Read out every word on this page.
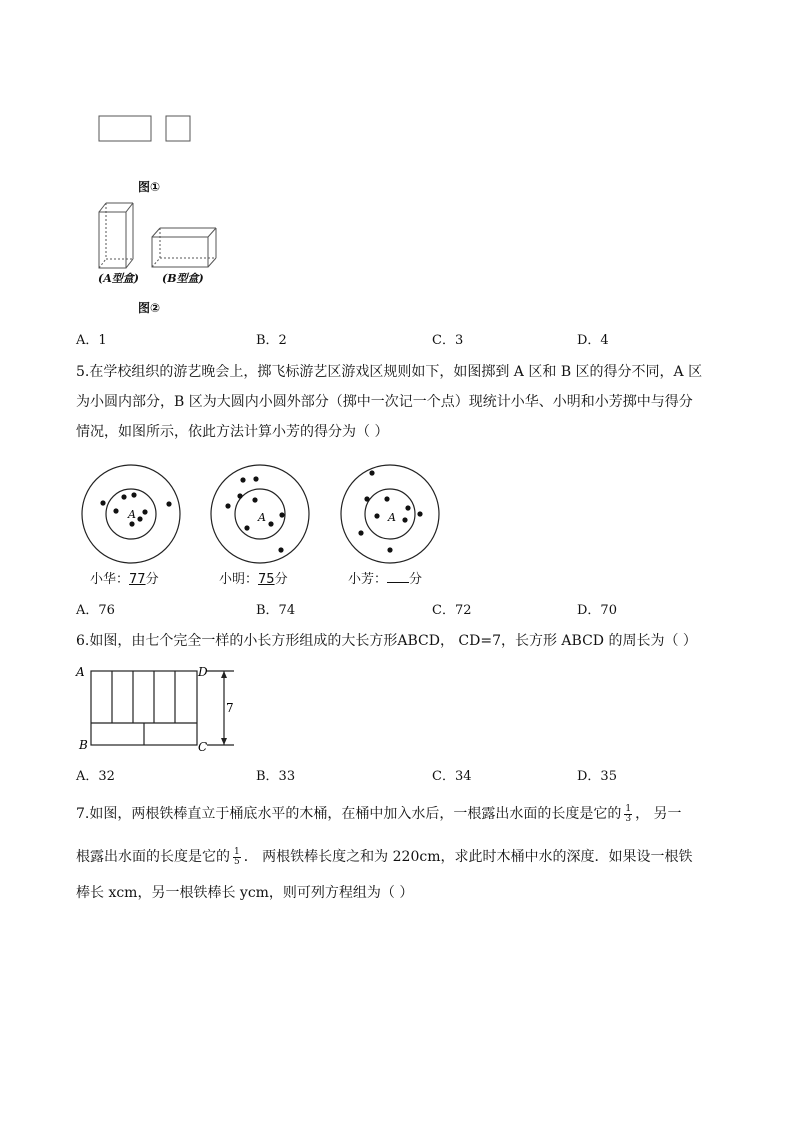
图①
(A型盒) (B型盒)
图②
A．1	B．2	C．3	D．4
5.在学校组织的游艺晚会上，掷飞标游艺区游戏区规则如下，如图掷到 A 区和 B 区的得分不同，A 区
为小圆内部分，B 区为大圆内小圆外部分（掷中一次记一个点）现统计小华、小明和小芳掷中与得分
情况，如图所示，依此方法计算小芳的得分为（ ）
A	A	A
小华：77分	小明：75分	小芳： 分
A．76	B．74	C．72	D．70
6.如图，由七个完全一样的小长方形组成的大长方形ABCD， CD=7，长方形 ABCD 的周长为（ ）
A	D
B	C
7
A．32	B．33	C．34	D．35
7.如图，两根铁棒直立于桶底水平的木桶，在桶中加入水后，一根露出水面的长度是它的 $\frac{1}{3}$ ， 另一
根露出水面的长度是它的 $\frac{1}{5}$ ． 两根铁棒长度之和为 220cm，求此时木桶中水的深度．如果设一根铁
棒长 xcm，另一根铁棒长 ycm，则可列方程组为（ ）
